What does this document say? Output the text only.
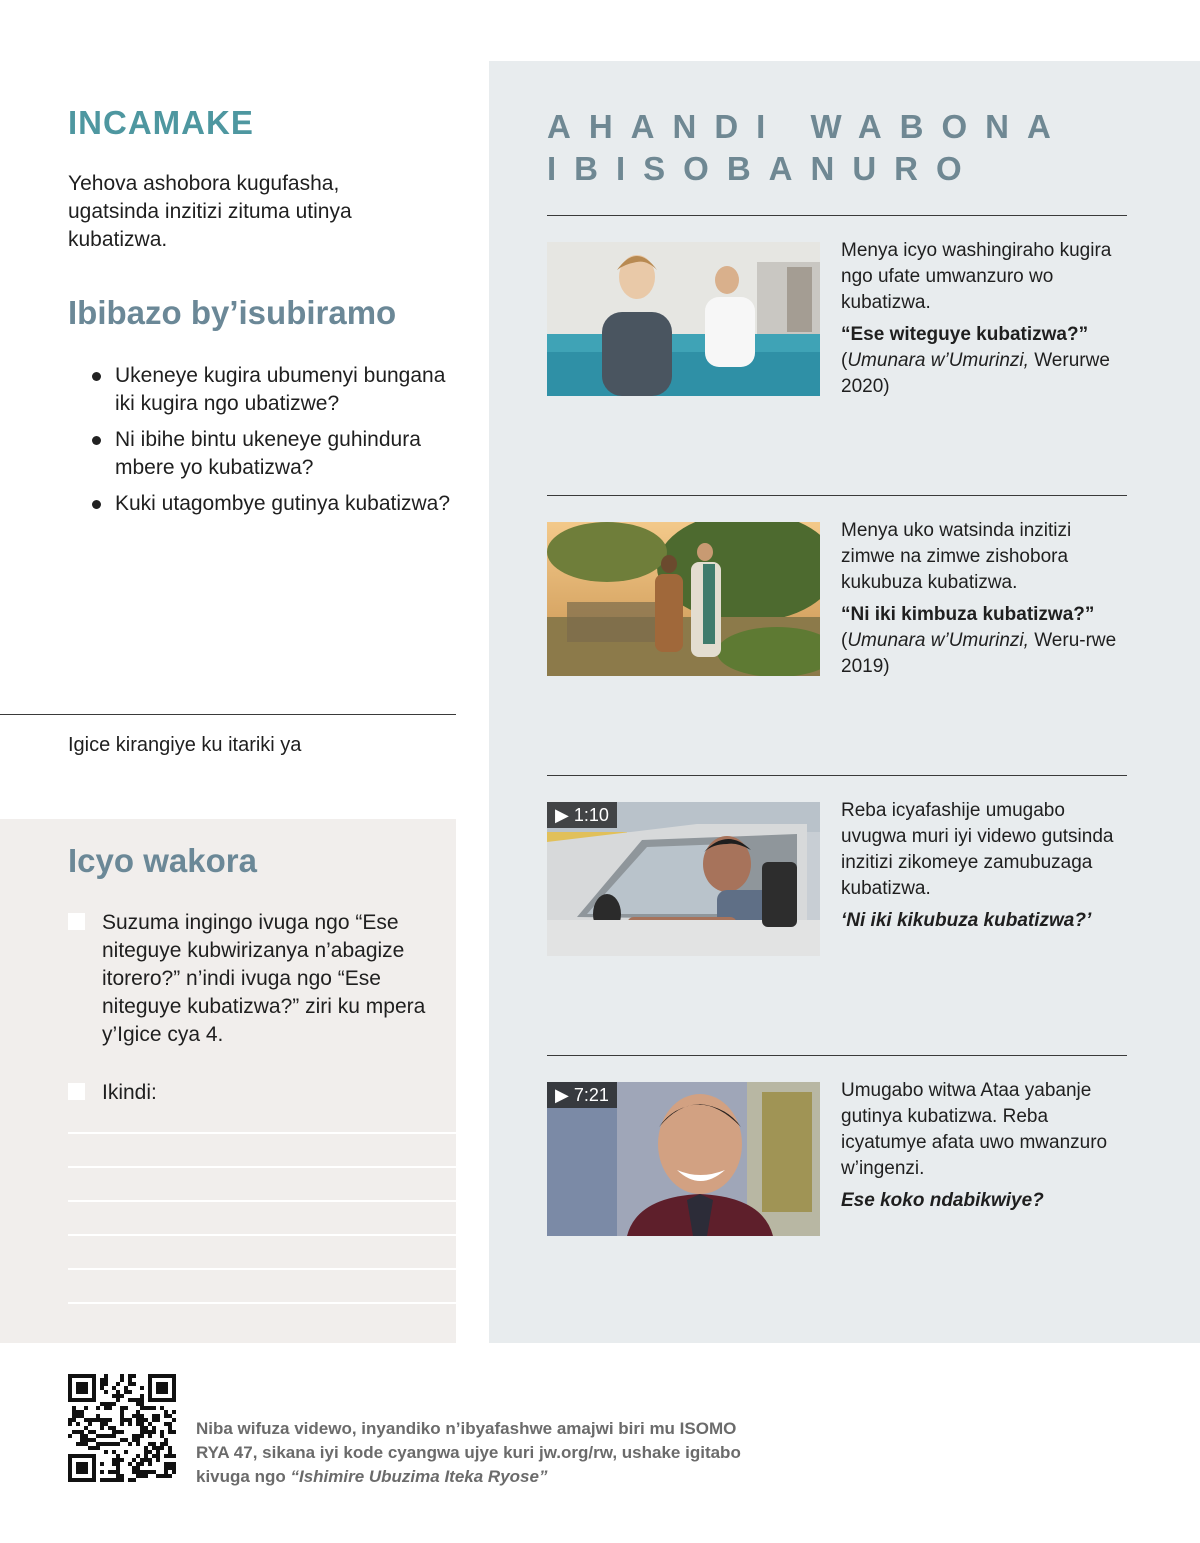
INCAMAKE
Yehova ashobora kugufasha, ugatsinda inzitizi zituma utinya kubatizwa.
Ibibazo by’isubiramo
Ukeneye kugira ubumenyi bungana iki kugira ngo ubatizwe?
Ni ibihe bintu ukeneye guhindura mbere yo kubatizwa?
Kuki utagombye gutinya kubatizwa?
Igice kirangiye ku itariki ya
Icyo wakora
Suzuma ingingo ivuga ngo “Ese niteguye kubwirizanya n’abagize itorero?” n’indi ivuga ngo “Ese niteguye kubatizwa?” ziri ku mpera y’Igice cya 4.
Ikindi:
AHANDI WABONA IBISOBANURO
Menya icyo washingiraho kugira ngo ufate umwanzuro wo kubatizwa.
“Ese witeguye kubatizwa?”
(Umunara w’Umurinzi, Werurwe 2020)
Menya uko watsinda inzitizi zimwe na zimwe zishobora kukubuza kubatizwa.
“Ni iki kimbuza kubatizwa?”
(Umunara w’Umurinzi, Weru-rwe 2019)
▶ 1:10	Reba icyafashije umugabo uvugwa muri iyi videwo gutsinda inzitizi zikomeye zamubuzaga kubatizwa.
‘Ni iki kikubuza kubatizwa?’
▶ 7:21	Umugabo witwa Ataa yabanje gutinya kubatizwa. Reba icyatumye afata uwo mwanzuro w’ingenzi.
Ese koko ndabikwiye?
Niba wifuza videwo, inyandiko n’ibyafashwe amajwi biri mu ISOMO RYA 47, sikana iyi kode cyangwa ujye kuri jw.org/rw, ushake igitabo kivuga ngo “Ishimire Ubuzima Iteka Ryose”
